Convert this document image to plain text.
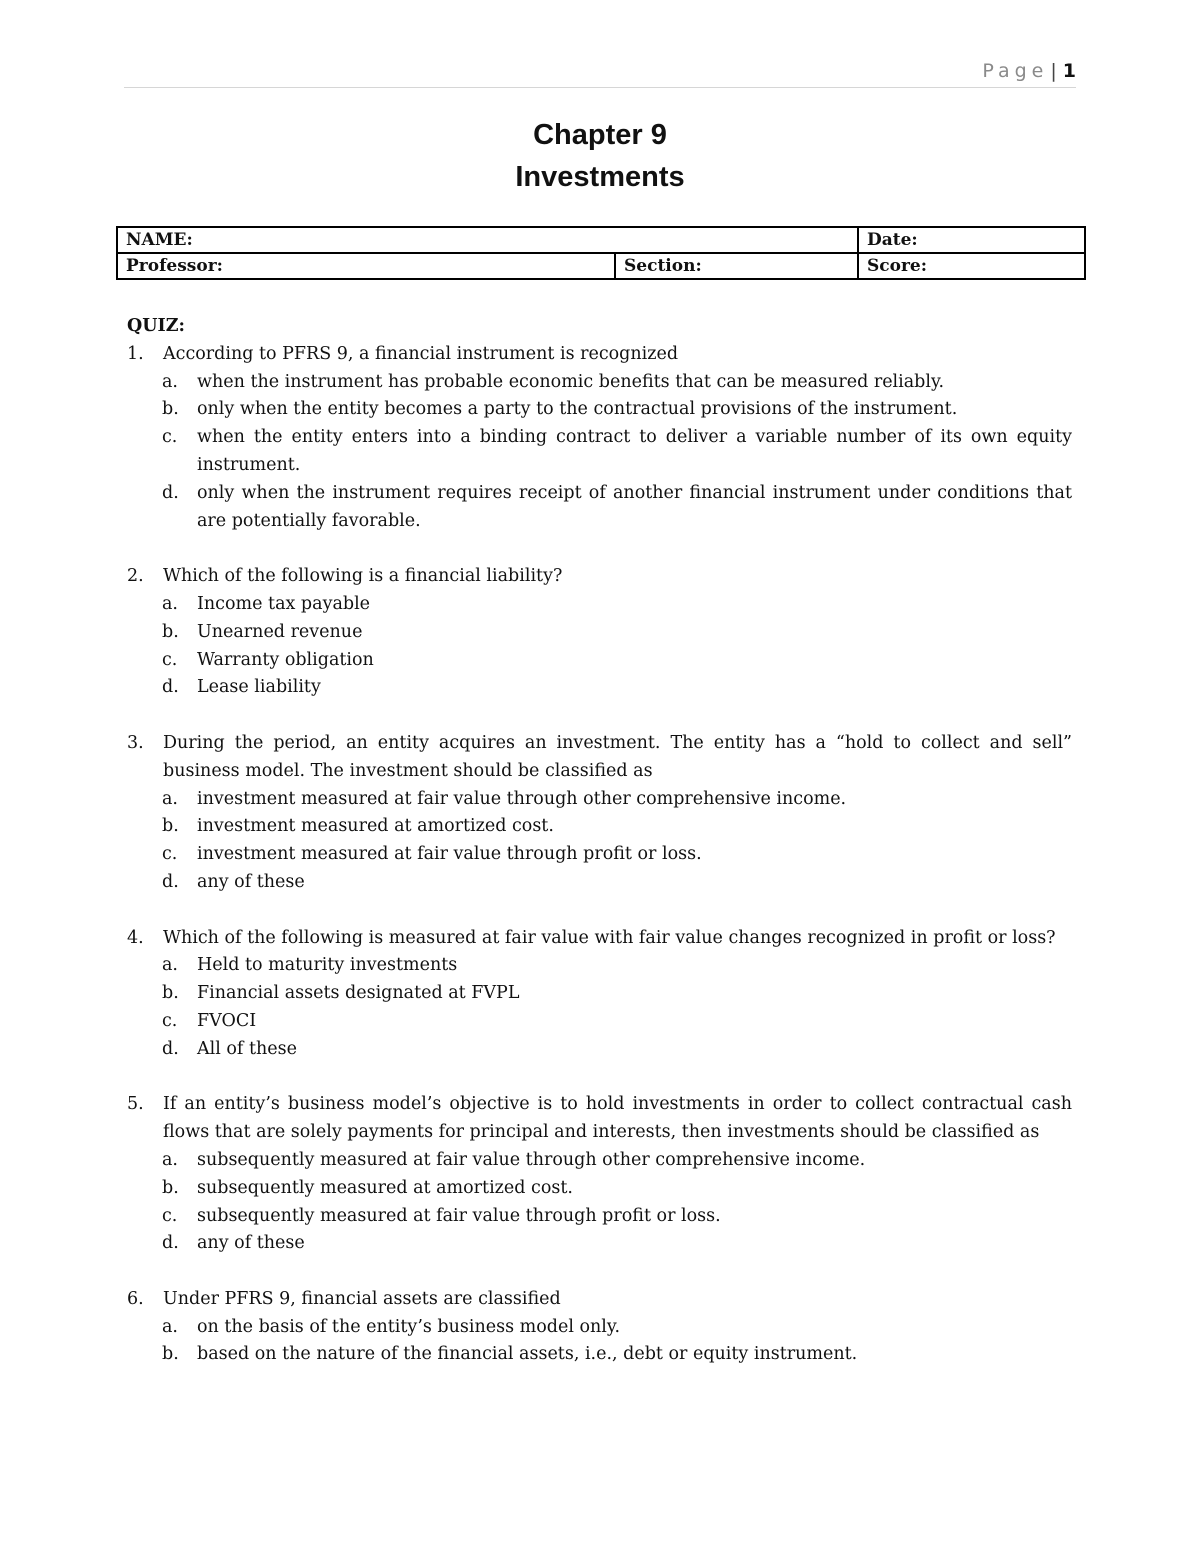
Page | 1
Chapter 9
Investments
NAME:		Date:
Professor:	Section:	Score:
QUIZ:
1.	According to PFRS 9, a financial instrument is recognized
a.	when the instrument has probable economic benefits that can be measured reliably.
b.	only when the entity becomes a party to the contractual provisions of the instrument.
c.	when the entity enters into a binding contract to deliver a variable number of its own equity instrument.
d.	only when the instrument requires receipt of another financial instrument under conditions that are potentially favorable.
2.	Which of the following is a financial liability?
a.	Income tax payable
b.	Unearned revenue
c.	Warranty obligation
d.	Lease liability
3.	During the period, an entity acquires an investment. The entity has a “hold to collect and sell” business model. The investment should be classified as
a.	investment measured at fair value through other comprehensive income.
b.	investment measured at amortized cost.
c.	investment measured at fair value through profit or loss.
d.	any of these
4.	Which of the following is measured at fair value with fair value changes recognized in profit or loss?
a.	Held to maturity investments
b.	Financial assets designated at FVPL
c.	FVOCI
d.	All of these
5.	If an entity’s business model’s objective is to hold investments in order to collect contractual cash flows that are solely payments for principal and interests, then investments should be classified as
a.	subsequently measured at fair value through other comprehensive income.
b.	subsequently measured at amortized cost.
c.	subsequently measured at fair value through profit or loss.
d.	any of these
6.	Under PFRS 9, financial assets are classified
a.	on the basis of the entity’s business model only.
b.	based on the nature of the financial assets, i.e., debt or equity instrument.
